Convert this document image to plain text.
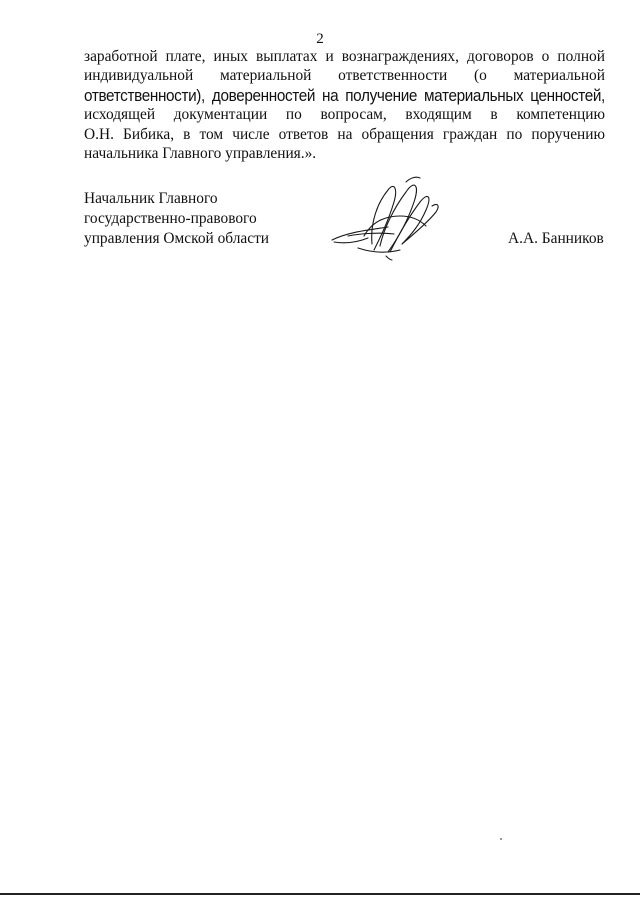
2
заработной плате, иных выплатах и вознаграждениях, договоров о полной
индивидуальной материальной ответственности (о материальной
ответственности), доверенностей на получение материальных ценностей,
исходящей документации по вопросам, входящим в компетенцию
О.Н. Бибика, в том числе ответов на обращения граждан по поручению
начальника Главного управления.».
Начальник Главного
государственно-правового
управления Омской области	А.А. Банников
